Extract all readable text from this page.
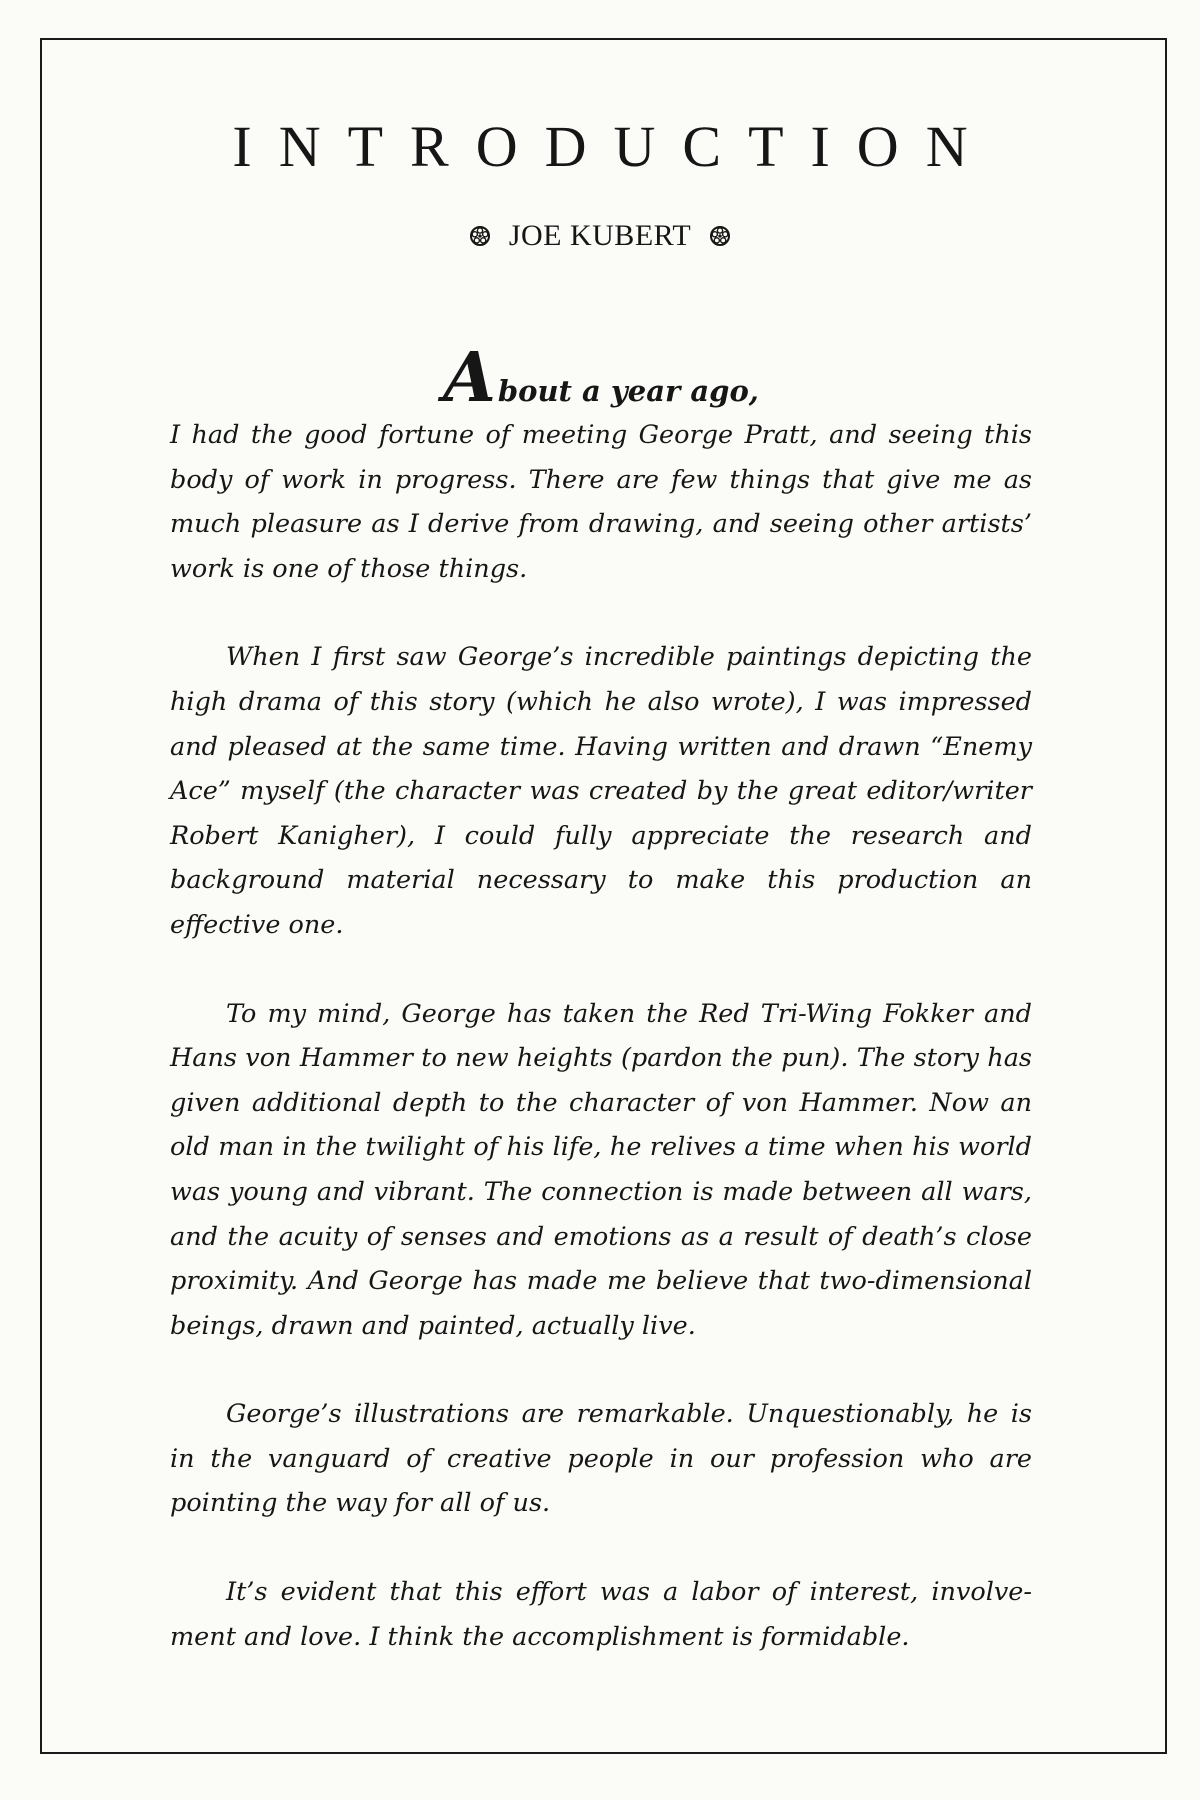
INTRODUCTION
JOE KUBERT
A bout a year ago,

I had the good fortune of meeting George Pratt, and seeing this body of work in progress. There are few things that give me as much pleasure as I derive from drawing, and seeing other artists’ work is one of those things.

When I first saw George’s incredible paintings depicting the high drama of this story (which he also wrote), I was impressed and pleased at the same time. Having written and drawn “Enemy Ace” myself (the character was created by the great editor/writer Robert Kanigher), I could fully appreciate the research and background material necessary to make this production an effective one.

To my mind, George has taken the Red Tri-Wing Fokker and Hans von Hammer to new heights (pardon the pun). The story has given additional depth to the character of von Hammer. Now an old man in the twilight of his life, he relives a time when his world was young and vibrant. The connection is made between all wars, and the acuity of senses and emotions as a result of death’s close proximity. And George has made me believe that two-dimensional beings, drawn and painted, actually live.

George’s illustrations are remarkable. Unquestionably, he is in the vanguard of creative people in our profession who are pointing the way for all of us.

It’s evident that this effort was a labor of interest, involvement and love. I think the accomplishment is formidable.
